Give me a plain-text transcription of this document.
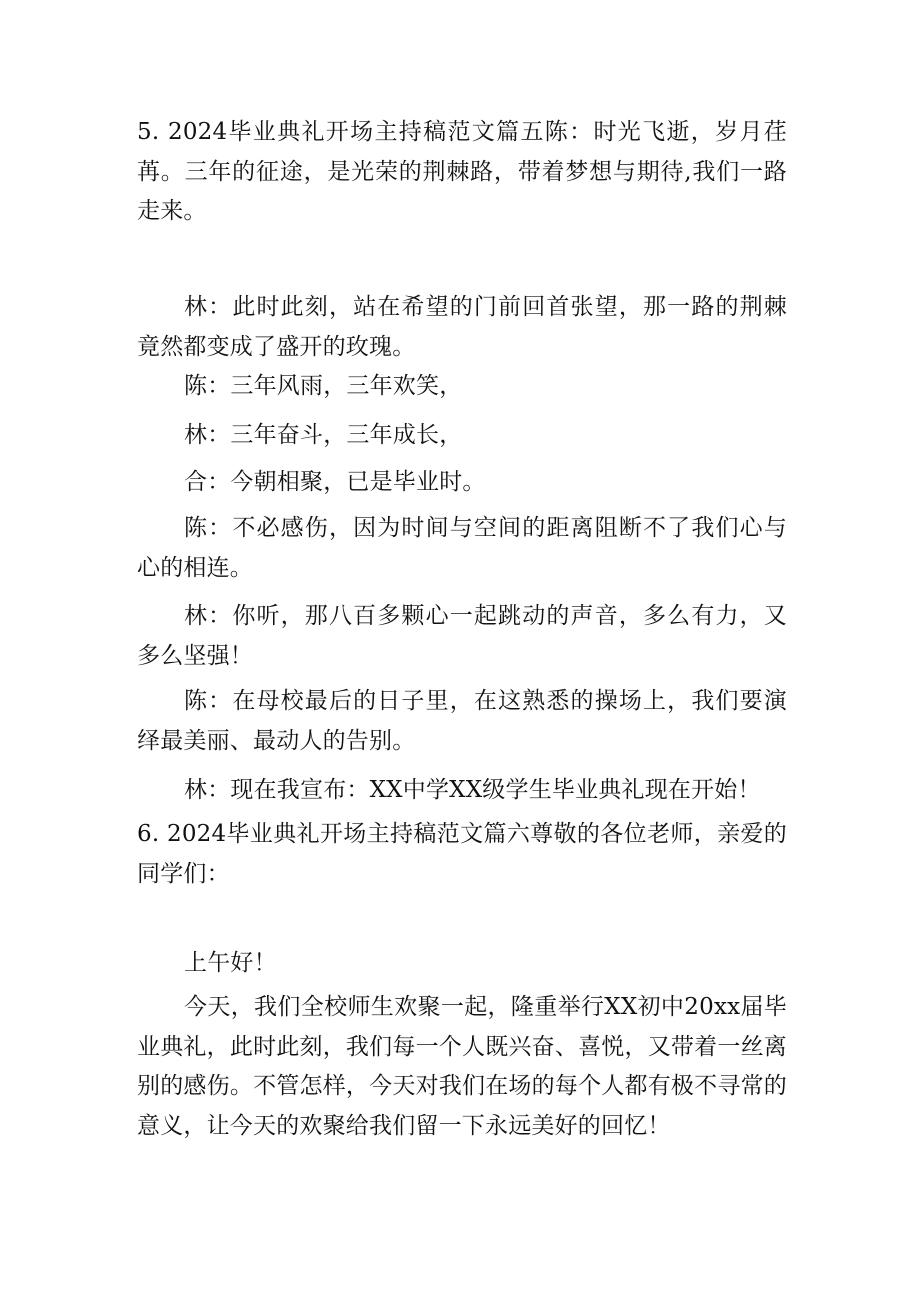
5. 2024毕业典礼开场主持稿范文篇五陈：时光飞逝，岁月荏苒。三年的征途，是光荣的荆棘路，带着梦想与期待,我们一路走来。

林：此时此刻，站在希望的门前回首张望，那一路的荆棘竟然都变成了盛开的玫瑰。

陈：三年风雨，三年欢笑，

林：三年奋斗，三年成长，

合：今朝相聚，已是毕业时。

陈：不必感伤，因为时间与空间的距离阻断不了我们心与心的相连。

林：你听，那八百多颗心一起跳动的声音，多么有力，又多么坚强！

陈：在母校最后的日子里，在这熟悉的操场上，我们要演绎最美丽、最动人的告别。

林：现在我宣布：XX中学XX级学生毕业典礼现在开始！

6. 2024毕业典礼开场主持稿范文篇六尊敬的各位老师，亲爱的同学们：

上午好！

今天，我们全校师生欢聚一起，隆重举行XX初中20xx届毕业典礼，此时此刻，我们每一个人既兴奋、喜悦，又带着一丝离别的感伤。不管怎样，今天对我们在场的每个人都有极不寻常的意义，让今天的欢聚给我们留一下永远美好的回忆！
